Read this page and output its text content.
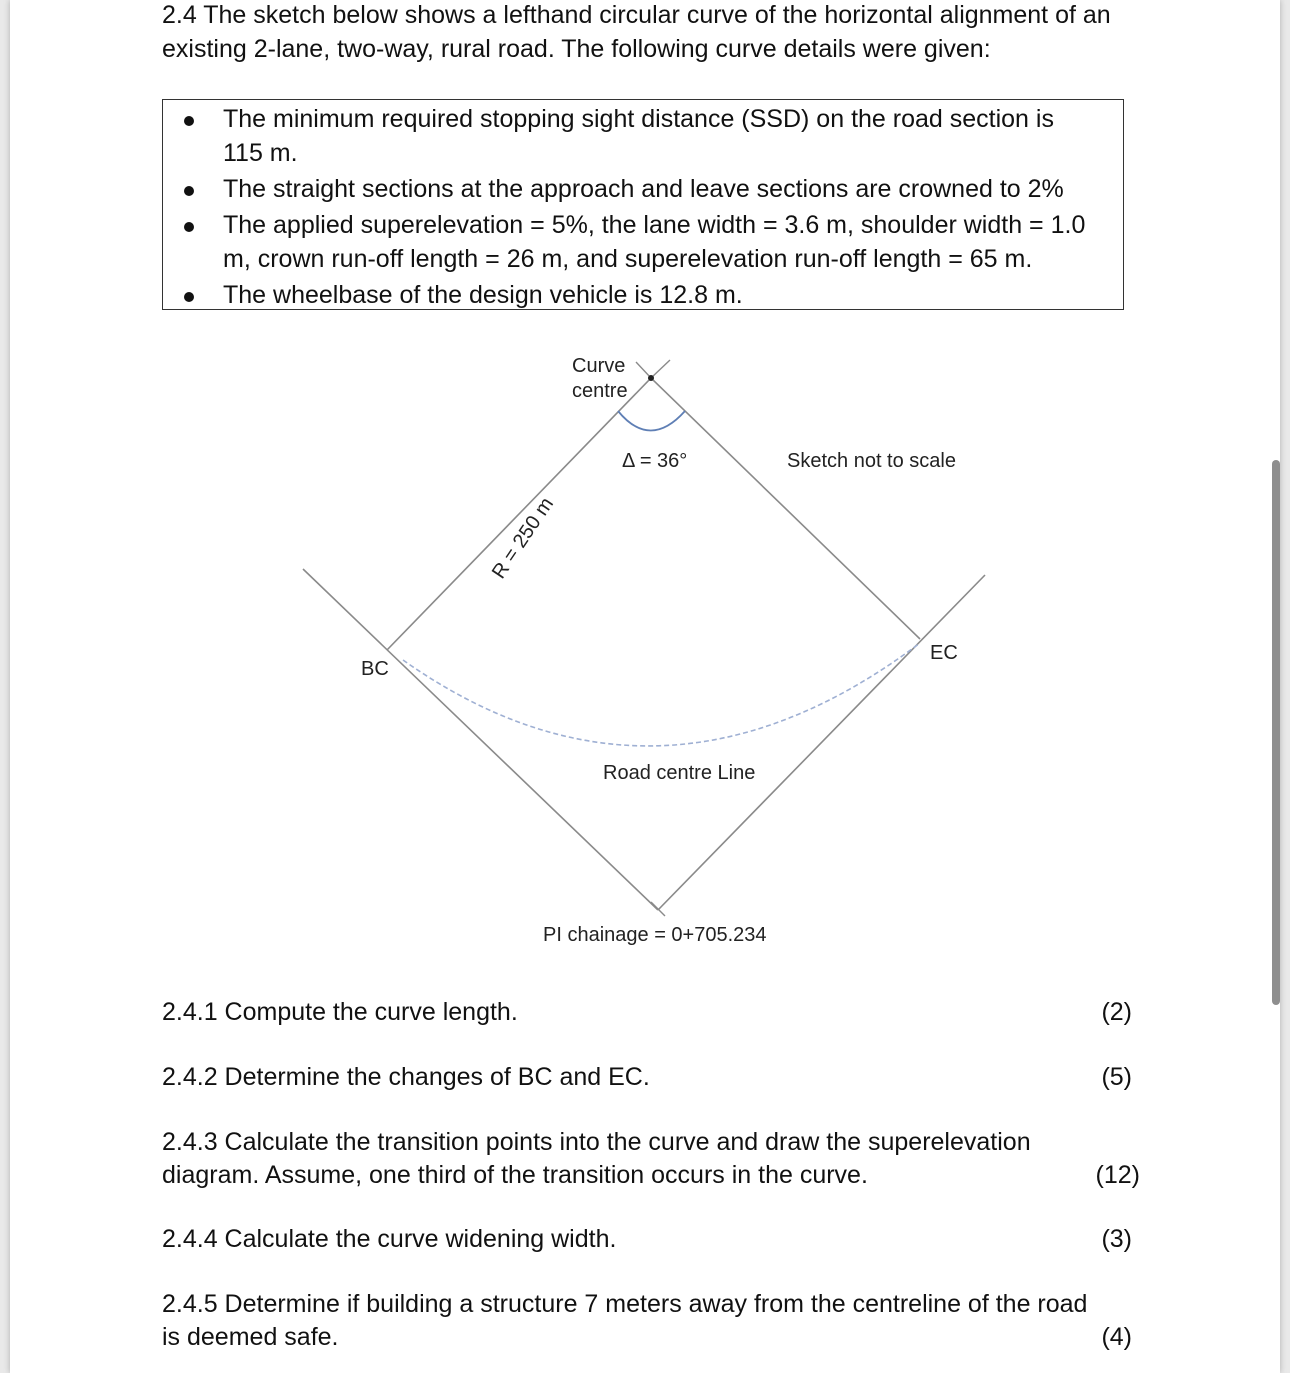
2.4 The sketch below shows a lefthand circular curve of the horizontal alignment of an
existing 2-lane, two-way, rural road. The following curve details were given:
The minimum required stopping sight distance (SSD) on the road section is
115 m.
The straight sections at the approach and leave sections are crowned to 2%
The applied superelevation = 5%, the lane width = 3.6 m, shoulder width = 1.0
m, crown run-off length = 26 m, and superelevation run-off length = 65 m.
The wheelbase of the design vehicle is 12.8 m.
Curve
centre
Δ = 36°	Sketch not to scale
R = 250 m
BC
EC
Road centre Line
PI chainage = 0+705.234
2.4.1 Compute the curve length.	(2)
2.4.2 Determine the changes of BC and EC.	(5)
2.4.3 Calculate the transition points into the curve and draw the superelevation
diagram. Assume, one third of the transition occurs in the curve.	(12)
2.4.4 Calculate the curve widening width.	(3)
2.4.5 Determine if building a structure 7 meters away from the centreline of the road
is deemed safe.	(4)
